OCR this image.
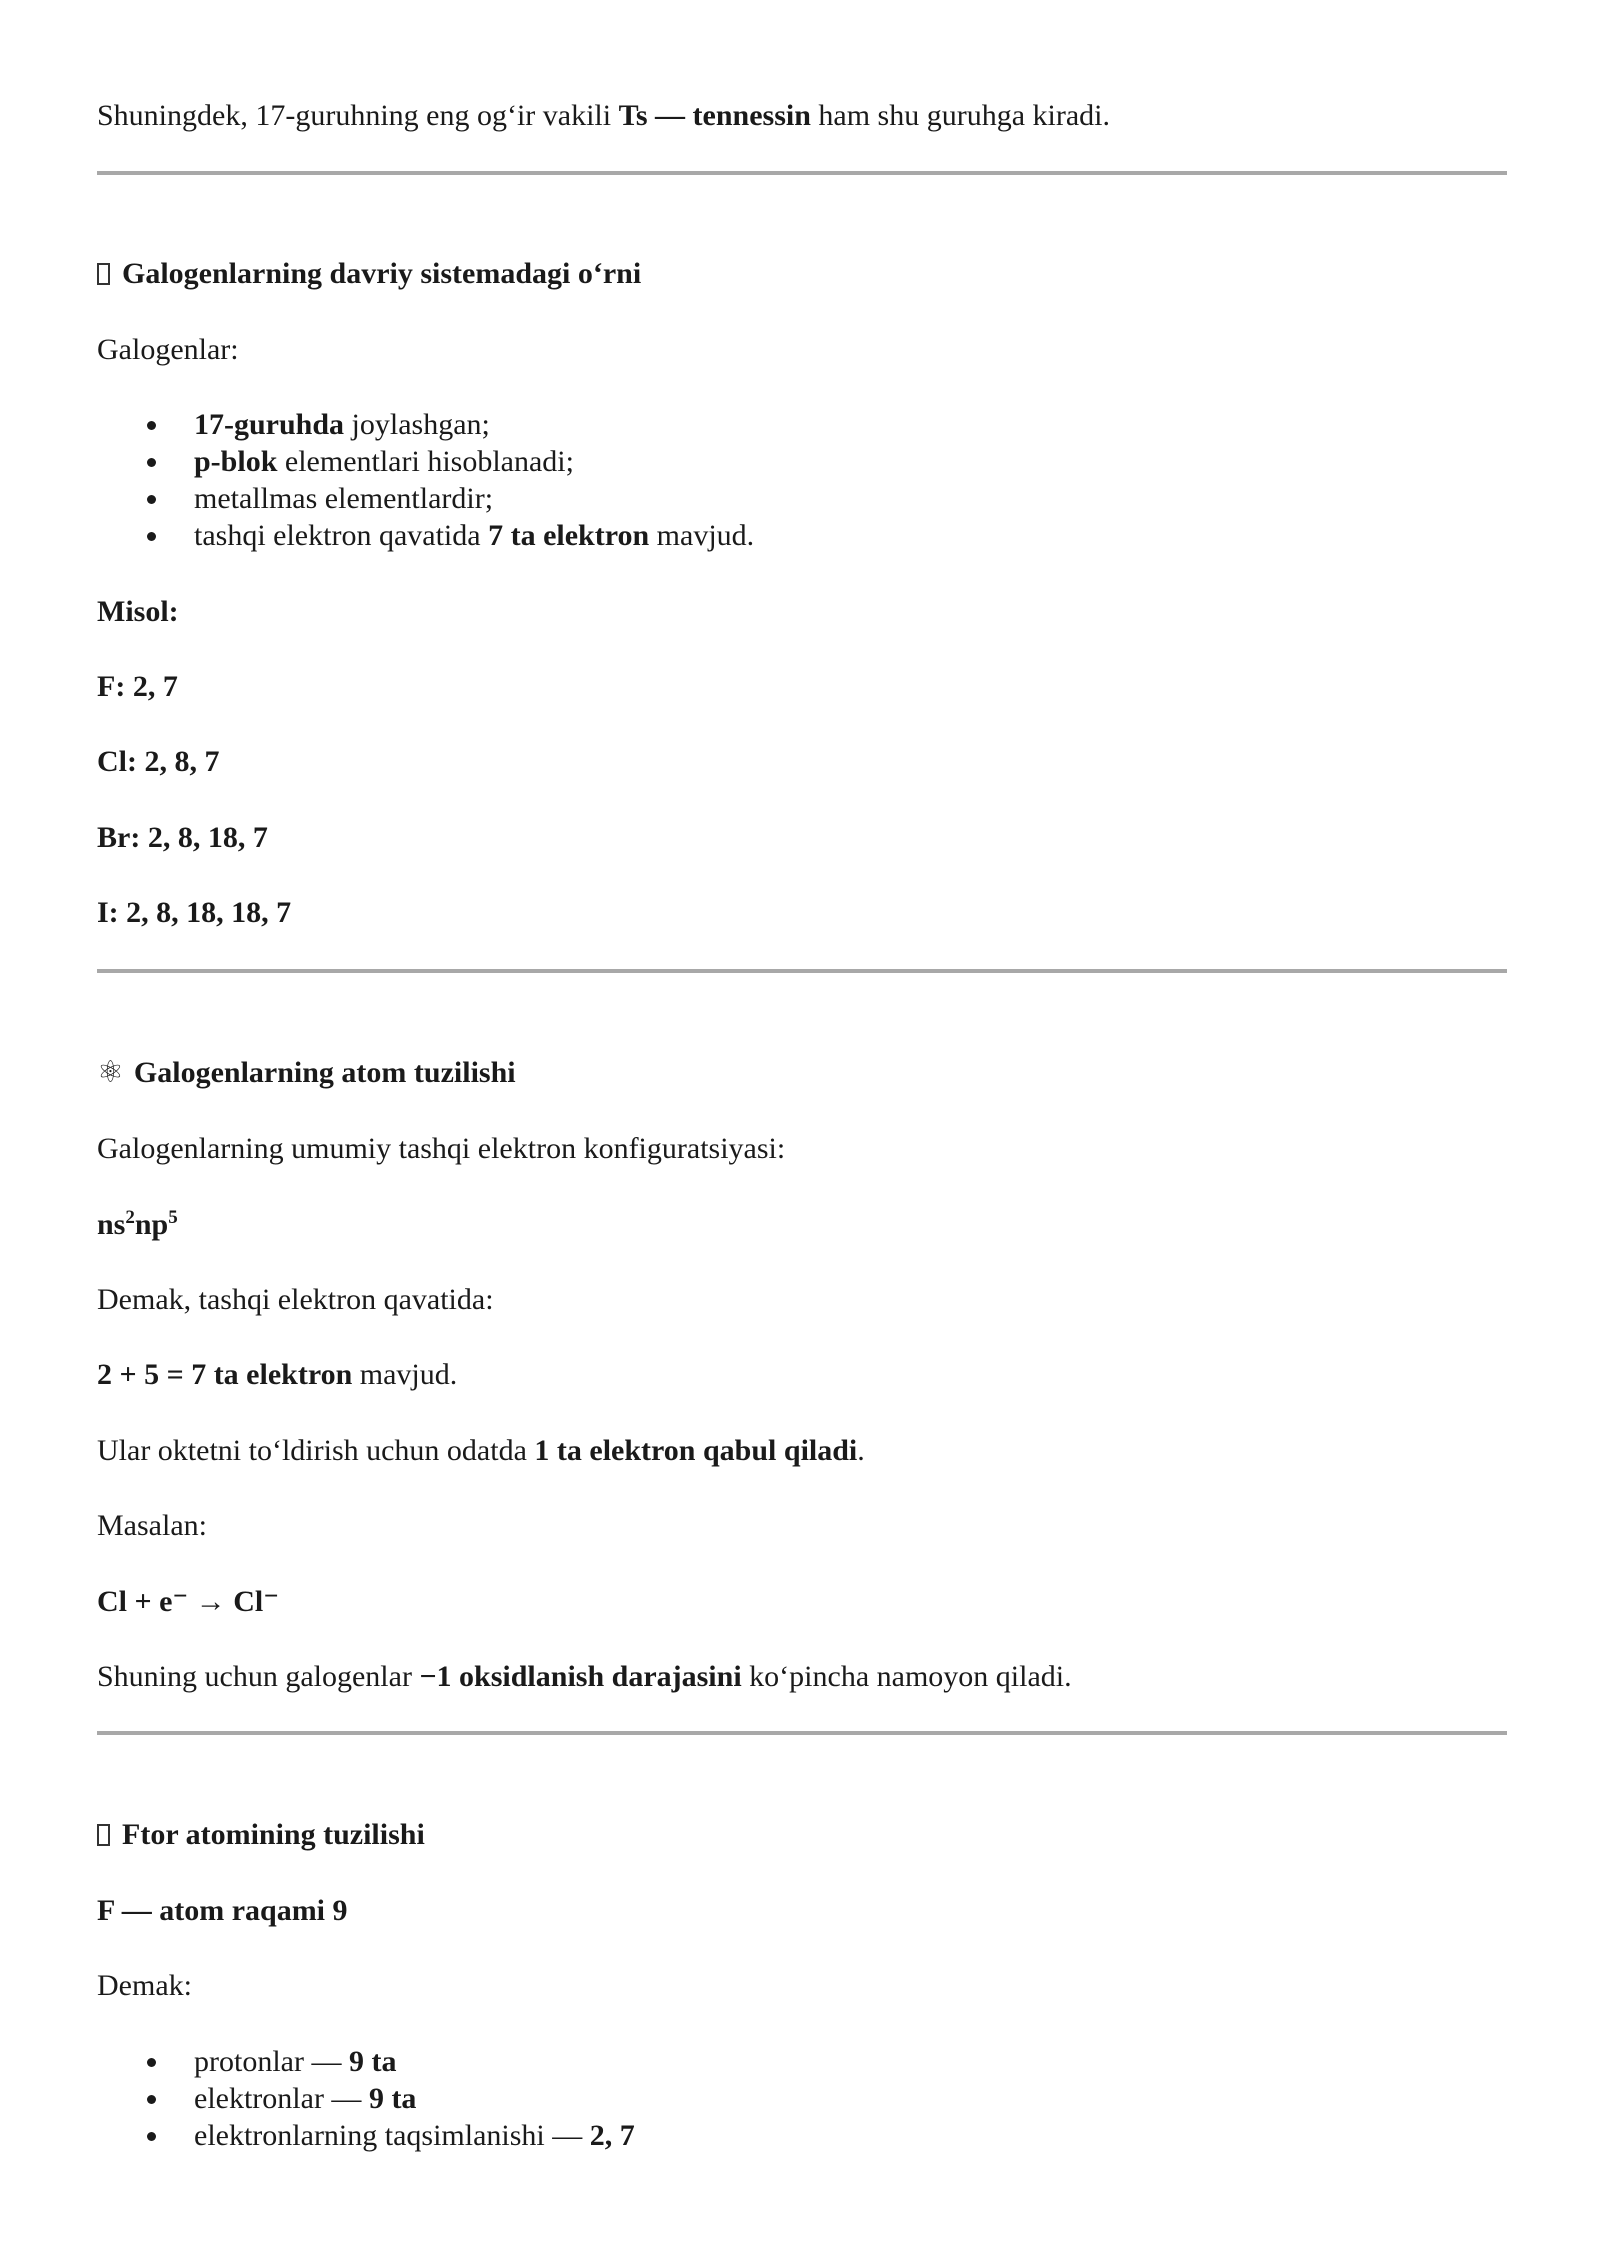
Shuningdek, 17-guruhning eng og‘ir vakili Ts — tennessin ham shu guruhga kiradi.

Galogenlarning davriy sistemadagi o‘rni

Galogenlar:

17-guruhda joylashgan;
p-blok elementlari hisoblanadi;
metallmas elementlardir;
tashqi elektron qavatida 7 ta elektron mavjud.

Misol:

F: 2, 7

Cl: 2, 8, 7

Br: 2, 8, 18, 7

I: 2, 8, 18, 18, 7

⚛ Galogenlarning atom tuzilishi

Galogenlarning umumiy tashqi elektron konfiguratsiyasi:

$ns^2np^5$

Demak, tashqi elektron qavatida:

2 + 5 = 7 ta elektron mavjud.

Ular oktetni to‘ldirish uchun odatda 1 ta elektron qabul qiladi.

Masalan:

Cl + e⁻ → Cl⁻

Shuning uchun galogenlar −1 oksidlanish darajasini ko‘pincha namoyon qiladi.

Ftor atomining tuzilishi

F — atom raqami 9

Demak:

protonlar — 9 ta
elektronlar — 9 ta
elektronlarning taqsimlanishi — 2, 7
